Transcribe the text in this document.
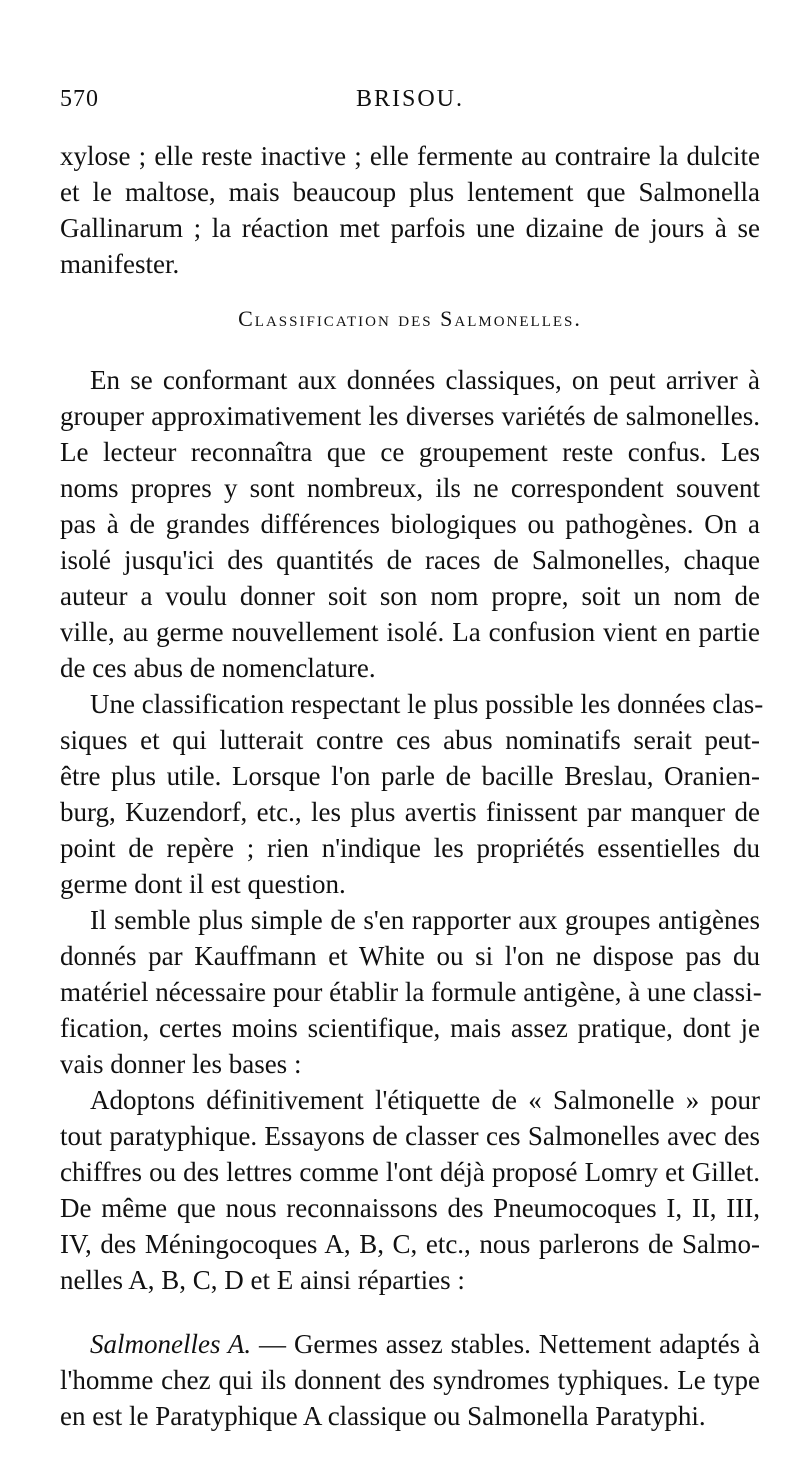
570	BRISOU.
xylose ; elle reste inactive ; elle fermente au contraire la dulcite
et le maltose, mais beaucoup plus lentement que Salmonella
Gallinarum ; la réaction met parfois une dizaine de jours à se
manifester.
Classification des Salmonelles.
En se conformant aux données classiques, on peut arriver à
grouper approximativement les diverses variétés de salmonelles.
Le lecteur reconnaîtra que ce groupement reste confus. Les
noms propres y sont nombreux, ils ne correspondent souvent
pas à de grandes différences biologiques ou pathogènes. On a
isolé jusqu'ici des quantités de races de Salmonelles, chaque
auteur a voulu donner soit son nom propre, soit un nom de
ville, au germe nouvellement isolé. La confusion vient en partie
de ces abus de nomenclature.
Une classification respectant le plus possible les données clas-
siques et qui lutterait contre ces abus nominatifs serait peut-
être plus utile. Lorsque l'on parle de bacille Breslau, Oranien-
burg, Kuzendorf, etc., les plus avertis finissent par manquer de
point de repère ; rien n'indique les propriétés essentielles du
germe dont il est question.
Il semble plus simple de s'en rapporter aux groupes antigènes
donnés par Kauffmann et White ou si l'on ne dispose pas du
matériel nécessaire pour établir la formule antigène, à une classi-
fication, certes moins scientifique, mais assez pratique, dont je
vais donner les bases :
Adoptons définitivement l'étiquette de « Salmonelle » pour
tout paratyphique. Essayons de classer ces Salmonelles avec des
chiffres ou des lettres comme l'ont déjà proposé Lomry et Gillet.
De même que nous reconnaissons des Pneumocoques I, II, III,
IV, des Méningocoques A, B, C, etc., nous parlerons de Salmo-
nelles A, B, C, D et E ainsi réparties :
Salmonelles A. — Germes assez stables. Nettement adaptés à
l'homme chez qui ils donnent des syndromes typhiques. Le type
en est le Paratyphique A classique ou Salmonella Paratyphi.
